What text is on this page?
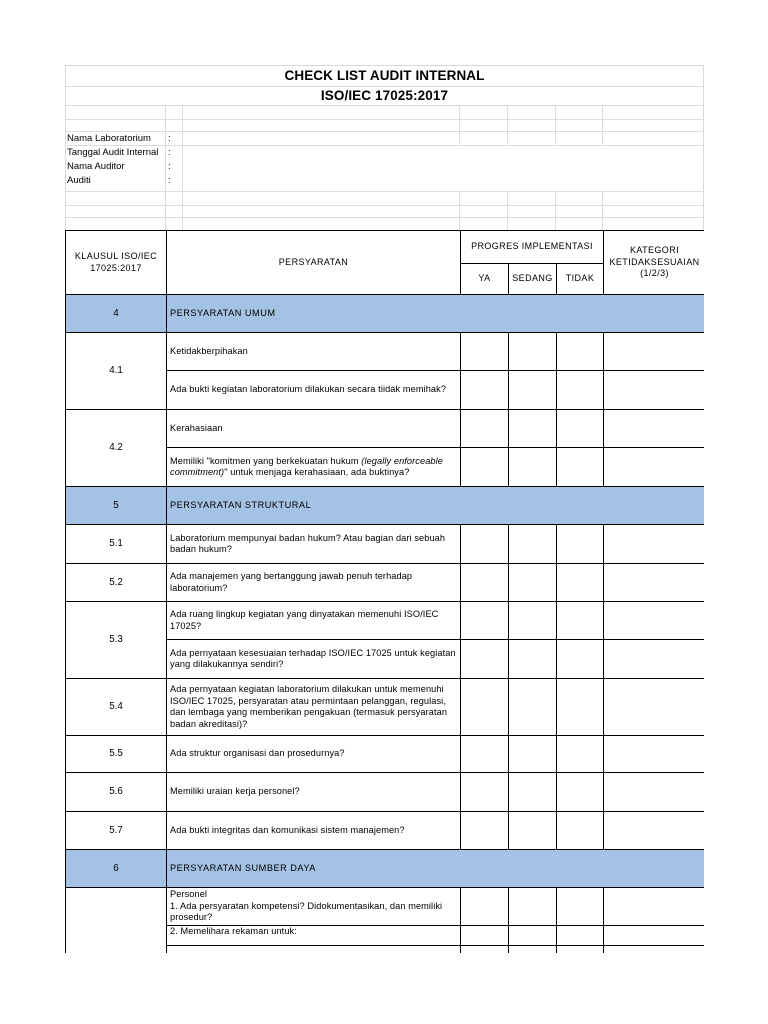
CHECK LIST AUDIT INTERNAL
ISO/IEC 17025:2017
Nama Laboratorium :
Tanggal Audit Internal :
Nama Auditor	:
Auditi	:
KLAUSUL ISO/IEC 17025:2017	PERSYARATAN	PROGRES IMPLEMENTASI			KATEGORI KETIDAKSESUAIAN (1/2/3)
		YA	SEDANG	TIDAK	
4	PERSYARATAN UMUM				
4.1	Ketidakberpihakan				
	Ada bukti kegiatan laboratorium dilakukan secara tiidak memihak?				
4.2	Kerahasiaan				
	Memiliki "komitmen yang berkekuatan hukum (legally enforceable commitment)" untuk menjaga kerahasiaan, ada buktinya?				
5	PERSYARATAN STRUKTURAL				
5.1	Laboratorium mempunyai badan hukum? Atau bagian dari sebuah badan hukum?				
5.2	Ada manajemen yang bertanggung jawab penuh terhadap laboratorium?				
5.3	Ada ruang lingkup kegiatan yang dinyatakan memenuhi ISO/IEC 17025?				
	Ada pernyataan kesesuaian terhadap ISO/IEC 17025 untuk kegiatan yang dilakukannya sendiri?				
5.4	Ada pernyataan kegiatan laboratorium dilakukan untuk memenuhi ISO/IEC 17025, persyaratan atau permintaan pelanggan, regulasi, dan lembaga yang memberikan pengakuan (termasuk persyaratan badan akreditasi)?				
5.5	Ada struktur organisasi dan prosedurnya?				
5.6	Memiliki uraian kerja personel?				
5.7	Ada bukti integritas dan komunikasi sistem manajemen?				
6	PERSYARATAN SUMBER DAYA				

	Personel
1. Ada persyaratan kompetensi? Didokumentasikan, dan memiliki prosedur?				

	2. Memelihara rekaman untuk:				
